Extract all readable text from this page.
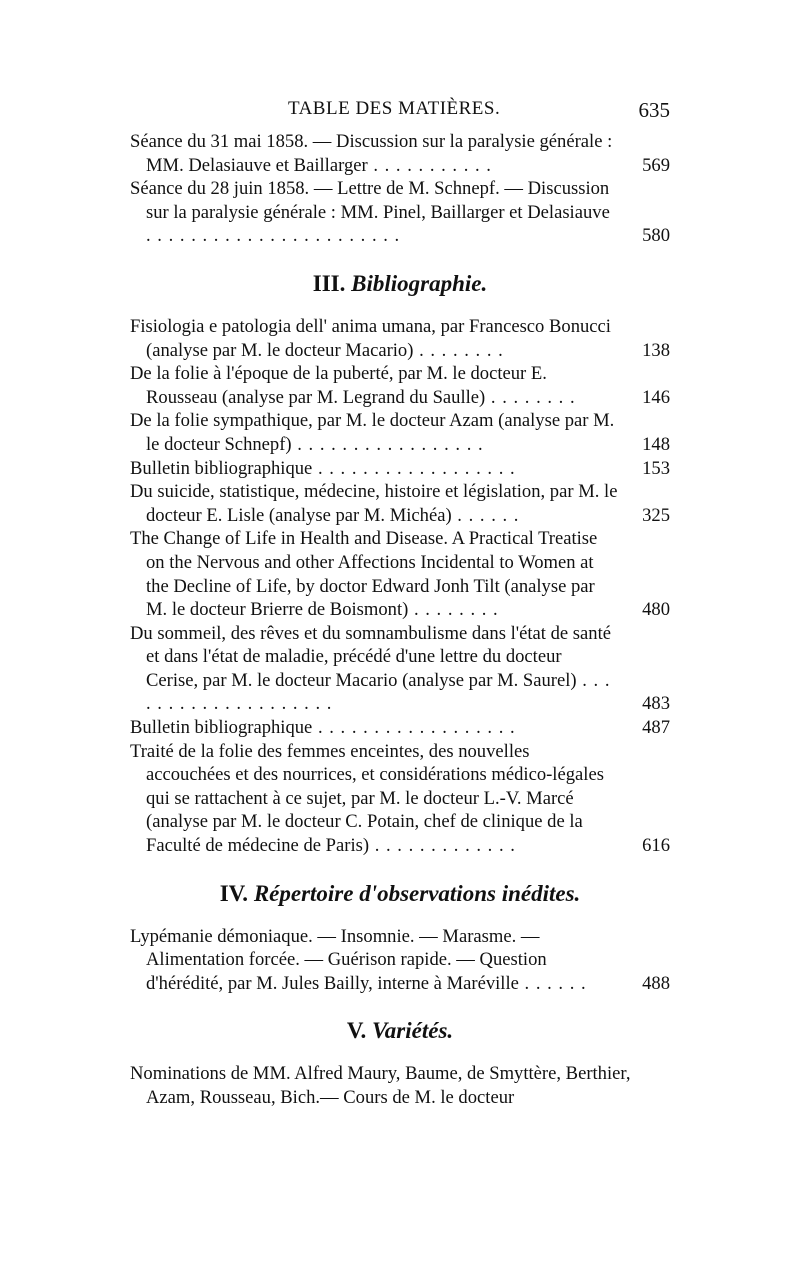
TABLE DES MATIÈRES.	635
Séance du 31 mai 1858. — Discussion sur la paralysie générale : MM. Delasiauve et Baillarger . . . . . . . . . . .	569
Séance du 28 juin 1858. — Lettre de M. Schnepf. — Discussion sur la paralysie générale : MM. Pinel, Baillarger et Delasiauve . . . . . . . . . . . . . . . . . . . . . . .	580
III. Bibliographie.
Fisiologia e patologia dell' anima umana, par Francesco Bonucci (analyse par M. le docteur Macario) . . . . . . . .	138
De la folie à l'époque de la puberté, par M. le docteur E. Rousseau (analyse par M. Legrand du Saulle) . . . . . . . .	146
De la folie sympathique, par M. le docteur Azam (analyse par M. le docteur Schnepf) . . . . . . . . . . . . . . . . .	148
Bulletin bibliographique . . . . . . . . . . . . . . . . . .	153
Du suicide, statistique, médecine, histoire et législation, par M. le docteur E. Lisle (analyse par M. Michéa) . . . . . .	325
The Change of Life in Health and Disease. A Practical Treatise on the Nervous and other Affections Incidental to Women at the Decline of Life, by doctor Edward Jonh Tilt (analyse par M. le docteur Brierre de Boismont) . . . . . . . .	480
Du sommeil, des rêves et du somnambulisme dans l'état de santé et dans l'état de maladie, précédé d'une lettre du docteur Cerise, par M. le docteur Macario (analyse par M. Saurel) . . . . . . . . . . . . . . . . . . . .	483
Bulletin bibliographique . . . . . . . . . . . . . . . . . .	487
Traité de la folie des femmes enceintes, des nouvelles accouchées et des nourrices, et considérations médico-légales qui se rattachent à ce sujet, par M. le docteur L.-V. Marcé (analyse par M. le docteur C. Potain, chef de clinique de la Faculté de médecine de Paris) . . . . . . . . . . . . .	616
IV. Répertoire d'observations inédites.
Lypémanie démoniaque. — Insomnie. — Marasme. — Alimentation forcée. — Guérison rapide. — Question d'hérédité, par M. Jules Bailly, interne à Maréville . . . . . .	488
V. Variétés.
Nominations de MM. Alfred Maury, Baume, de Smyttère, Berthier, Azam, Rousseau, Bich.— Cours de M. le docteur
